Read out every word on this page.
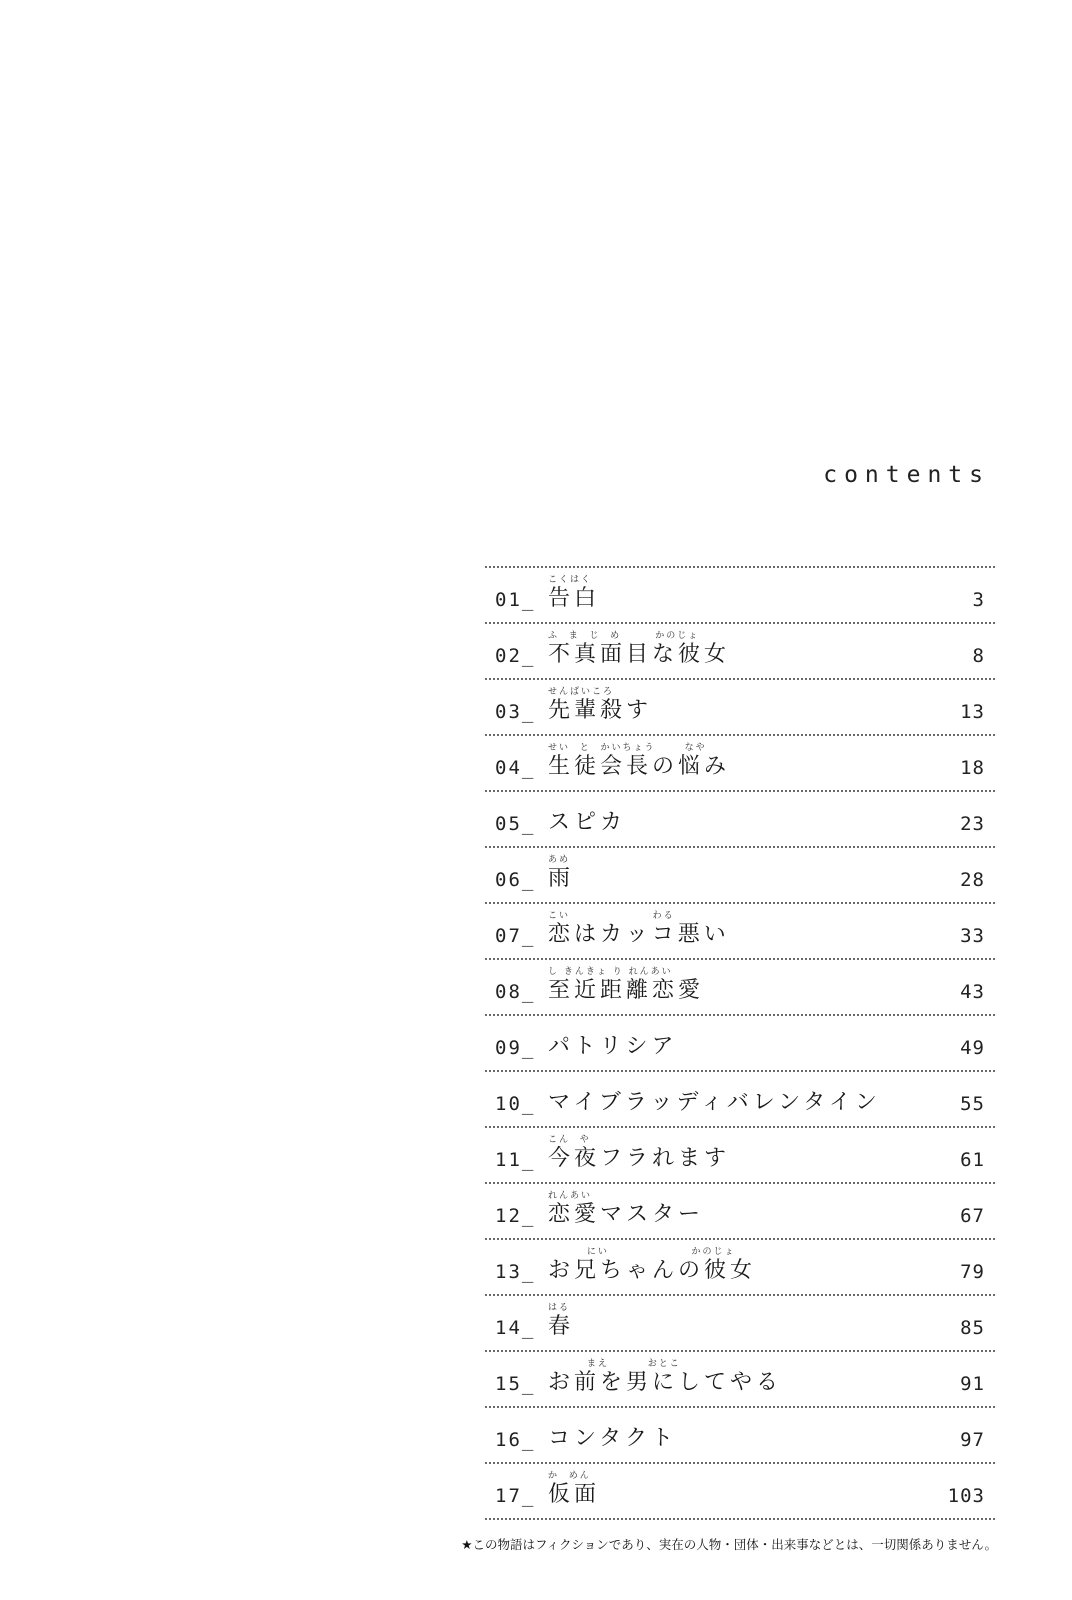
contents
こくはく
01_ 告白	3
ふ  ま  じ  め       かのじょ
02_ 不真面目な彼女	8
せんぱいころ
03_ 先輩殺す	13
せい  と  かいちょう      なや
04_ 生徒会長の悩み	18
05_ スピカ	23
あめ
06_ 雨	28
こい                 わる
07_ 恋はカッコ悪い	33
し きんきょ り れんあい
08_ 至近距離恋愛	43
09_ パトリシア	49
10_ マイブラッディバレンタイン	55
こん  や
11_ 今夜フラれます	61
れんあい
12_ 恋愛マスター	67
にい                 かのじょ
13_ お兄ちゃんの彼女	79
はる
14_ 春	85
まえ        おとこ
15_ お前を男にしてやる	91
16_ コンタクト	97
か  めん
17_ 仮面	103
★この物語はフィクションであり、実在の人物・団体・出来事などとは、一切関係ありません。
